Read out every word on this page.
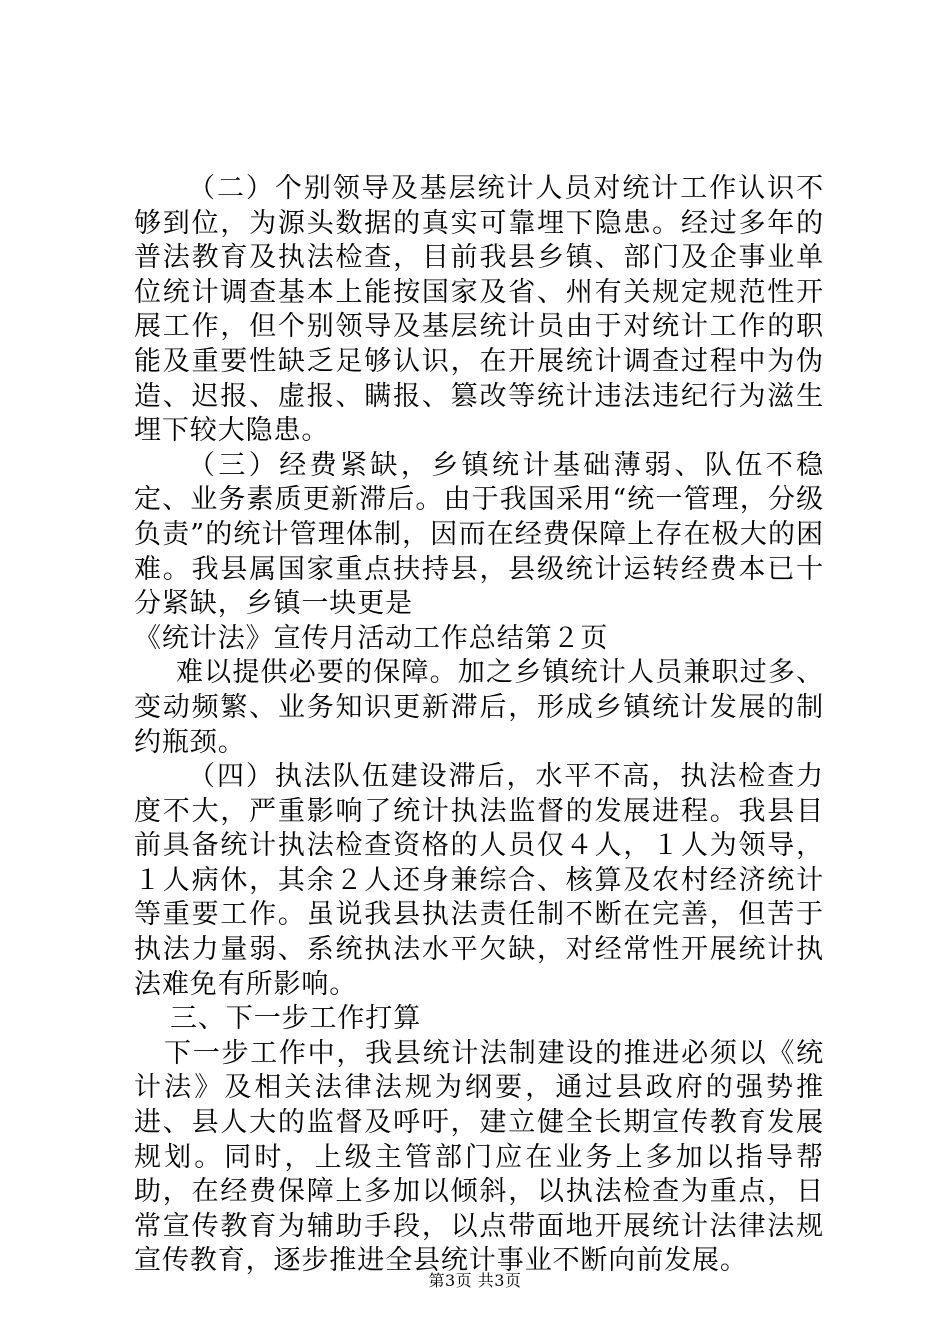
（二）个别领导及基层统计人员对统计工作认识不够到位，为源头数据的真实可靠埋下隐患。经过多年的普法教育及执法检查，目前我县乡镇、部门及企事业单位统计调查基本上能按国家及省、州有关规定规范性开展工作，但个别领导及基层统计员由于对统计工作的职能及重要性缺乏足够认识，在开展统计调查过程中为伪造、迟报、虚报、瞒报、篡改等统计违法违纪行为滋生埋下较大隐患。

（三）经费紧缺，乡镇统计基础薄弱、队伍不稳定、业务素质更新滞后。由于我国采用“统一管理，分级负责”的统计管理体制，因而在经费保障上存在极大的困难。我县属国家重点扶持县，县级统计运转经费本已十分紧缺，乡镇一块更是

《统计法》宣传月活动工作总结第２页

难以提供必要的保障。加之乡镇统计人员兼职过多、变动频繁、业务知识更新滞后，形成乡镇统计发展的制约瓶颈。

（四）执法队伍建设滞后，水平不高，执法检查力度不大，严重影响了统计执法监督的发展进程。我县目前具备统计执法检查资格的人员仅４人，１人为领导，１人病休，其余２人还身兼综合、核算及农村经济统计等重要工作。虽说我县执法责任制不断在完善，但苦于执法力量弱、系统执法水平欠缺，对经常性开展统计执法难免有所影响。

三、下一步工作打算

下一步工作中，我县统计法制建设的推进必须以《统计法》及相关法律法规为纲要，通过县政府的强势推进、县人大的监督及呼吁，建立健全长期宣传教育发展规划。同时，上级主管部门应在业务上多加以指导帮助，在经费保障上多加以倾斜，以执法检查为重点，日常宣传教育为辅助手段，以点带面地开展统计法律法规宣传教育，逐步推进全县统计事业不断向前发展。

第3页 共3页
